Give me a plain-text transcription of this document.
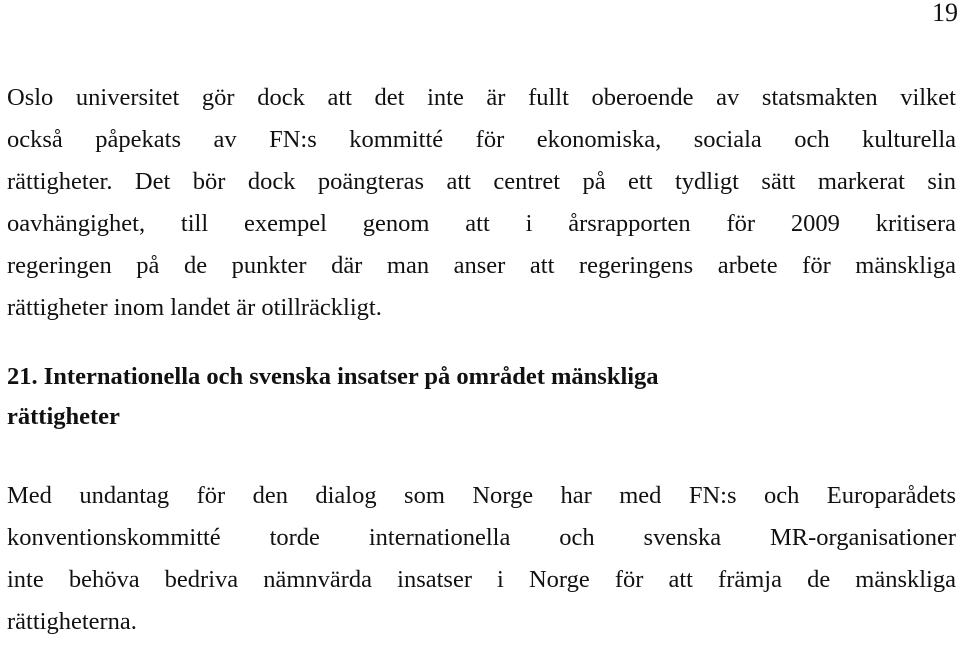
19

Oslo universitet gör dock att det inte är fullt oberoende av statsmakten vilket
också påpekats av FN:s kommitté för ekonomiska, sociala och kulturella
rättigheter. Det bör dock poängteras att centret på ett tydligt sätt markerat sin
oavhängighet, till exempel genom att i årsrapporten för 2009 kritisera
regeringen på de punkter där man anser att regeringens arbete för mänskliga
rättigheter inom landet är otillräckligt.

21. Internationella och svenska insatser på området mänskliga
rättigheter

Med undantag för den dialog som Norge har med FN:s och Europarådets
konventionskommitté torde internationella och svenska MR-organisationer
inte behöva bedriva nämnvärda insatser i Norge för att främja de mänskliga
rättigheterna.
